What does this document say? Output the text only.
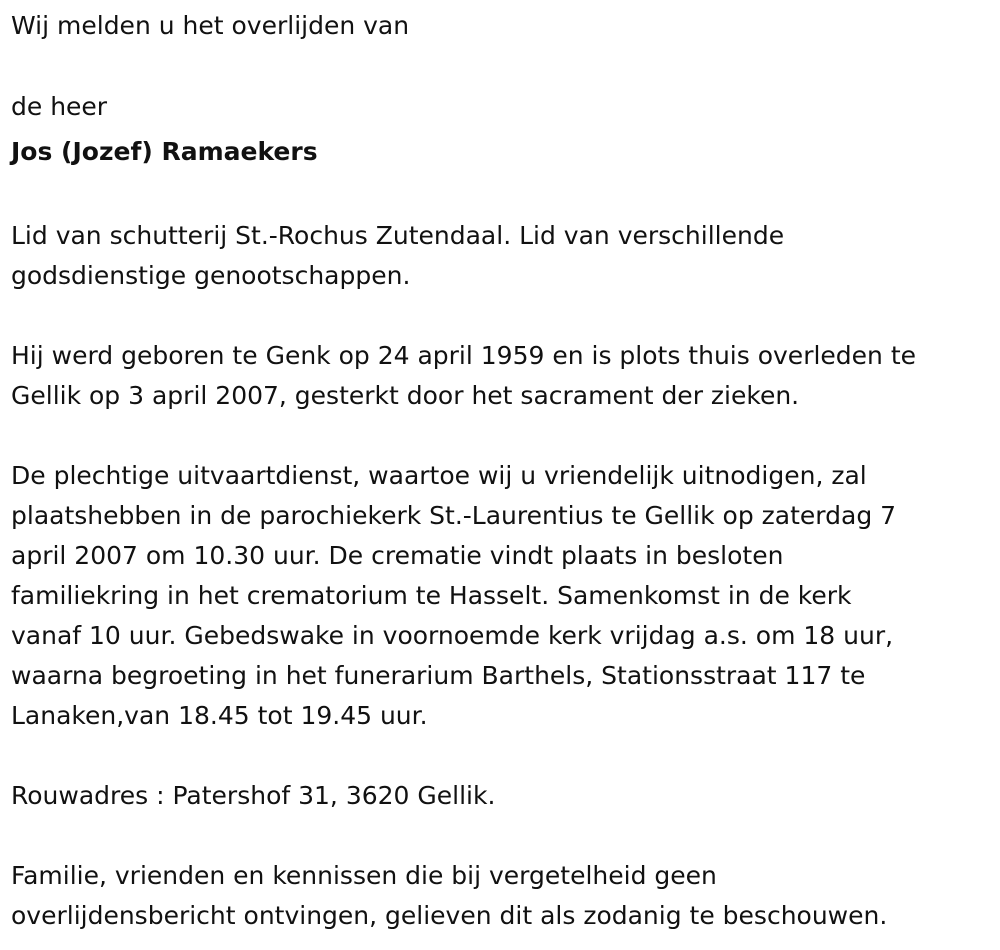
Wij melden u het overlijden van

de heer

Jos (Jozef) Ramaekers

Lid van schutterij St.-Rochus Zutendaal. Lid van verschillende
godsdienstige genootschappen.

Hij werd geboren te Genk op 24 april 1959 en is plots thuis overleden te
Gellik op 3 april 2007, gesterkt door het sacrament der zieken.

De plechtige uitvaartdienst, waartoe wij u vriendelijk uitnodigen, zal
plaatshebben in de parochiekerk St.-Laurentius te Gellik op zaterdag 7
april 2007 om 10.30 uur. De crematie vindt plaats in besloten
familiekring in het crematorium te Hasselt. Samenkomst in de kerk
vanaf 10 uur. Gebedswake in voornoemde kerk vrijdag a.s. om 18 uur,
waarna begroeting in het funerarium Barthels, Stationsstraat 117 te
Lanaken,van 18.45 tot 19.45 uur.

Rouwadres : Patershof 31, 3620 Gellik.

Familie, vrienden en kennissen die bij vergetelheid geen
overlijdensbericht ontvingen, gelieven dit als zodanig te beschouwen.
